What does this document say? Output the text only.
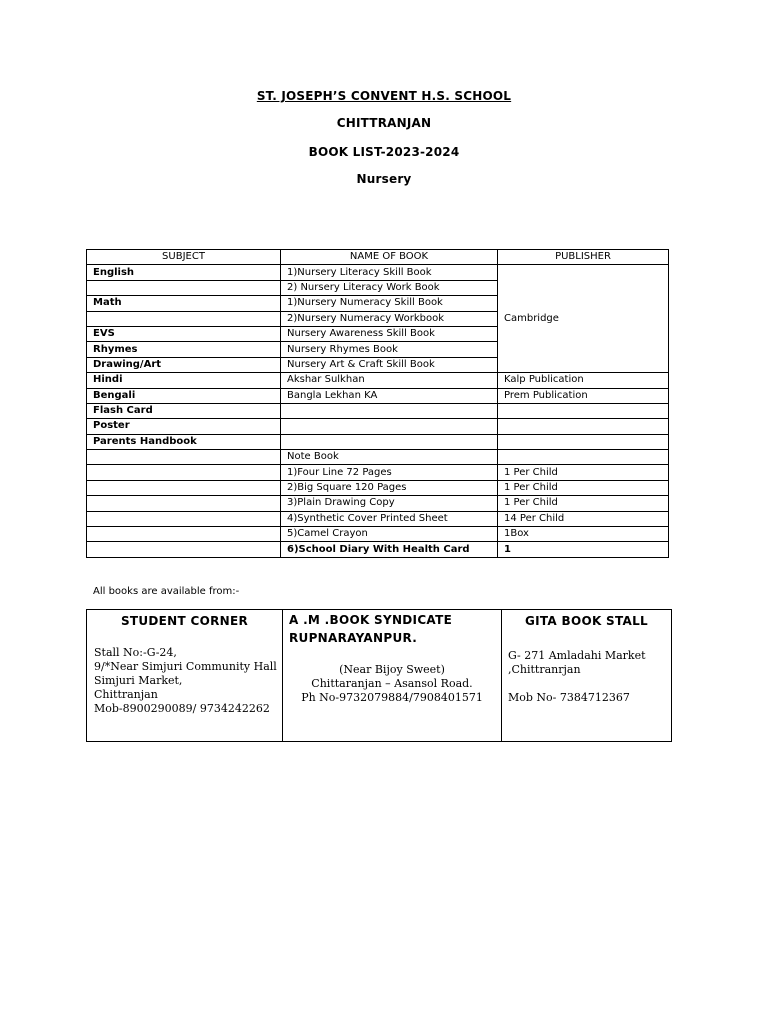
ST. JOSEPH’S CONVENT H.S. SCHOOL
CHITTRANJAN
BOOK LIST-2023-2024
Nursery
SUBJECT	NAME OF BOOK	PUBLISHER
English	1)Nursery Literacy Skill Book	Cambridge
	2) Nursery Literacy Work Book	
Math	1)Nursery Numeracy Skill Book	
	2)Nursery Numeracy Workbook	
EVS	Nursery Awareness Skill Book	
Rhymes	Nursery Rhymes Book	
Drawing/Art	Nursery Art & Craft Skill Book	
Hindi	Akshar Sulkhan	Kalp Publication
Bengali	Bangla Lekhan KA	Prem Publication
Flash Card		
Poster		
Parents Handbook		
	Note Book	
	1)Four Line 72 Pages	1 Per Child
	2)Big Square 120 Pages	1 Per Child
	3)Plain Drawing Copy	1 Per Child
	4)Synthetic Cover Printed Sheet	14 Per Child
	5)Camel Crayon	1Box
	6)School Diary With Health Card	1
All books are available from:-
STUDENT CORNER
Stall No:-G-24,
9/*Near Simjuri Community Hall
Simjuri Market,
Chittranjan
Mob-8900290089/ 9734242262

A .M .BOOK SYNDICATE
RUPNARAYANPUR.
(Near Bijoy Sweet)
Chittaranjan – Asansol Road.
Ph No-9732079884/7908401571

GITA BOOK STALL
G- 271 Amladahi Market
,Chittranrjan
Mob No- 7384712367
